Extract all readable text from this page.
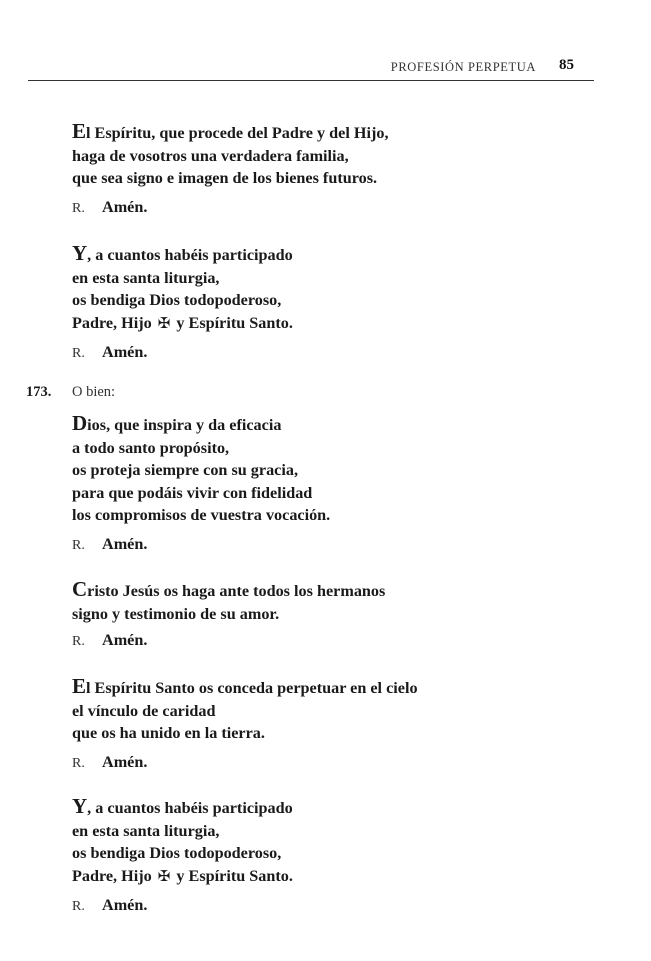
PROFESIÓN PERPETUA 85
El Espíritu, que procede del Padre y del Hijo,
haga de vosotros una verdadera familia,
que sea signo e imagen de los bienes futuros.
R. Amén.
Y, a cuantos habéis participado
en esta santa liturgia,
os bendiga Dios todopoderoso,
Padre, Hijo ✠ y Espíritu Santo.
R. Amén.
173. O bien:
Dios, que inspira y da eficacia
a todo santo propósito,
os proteja siempre con su gracia,
para que podáis vivir con fidelidad
los compromisos de vuestra vocación.
R. Amén.
Cristo Jesús os haga ante todos los hermanos
signo y testimonio de su amor.
R. Amén.
El Espíritu Santo os conceda perpetuar en el cielo
el vínculo de caridad
que os ha unido en la tierra.
R. Amén.
Y, a cuantos habéis participado
en esta santa liturgia,
os bendiga Dios todopoderoso,
Padre, Hijo ✠ y Espíritu Santo.
R. Amén.
